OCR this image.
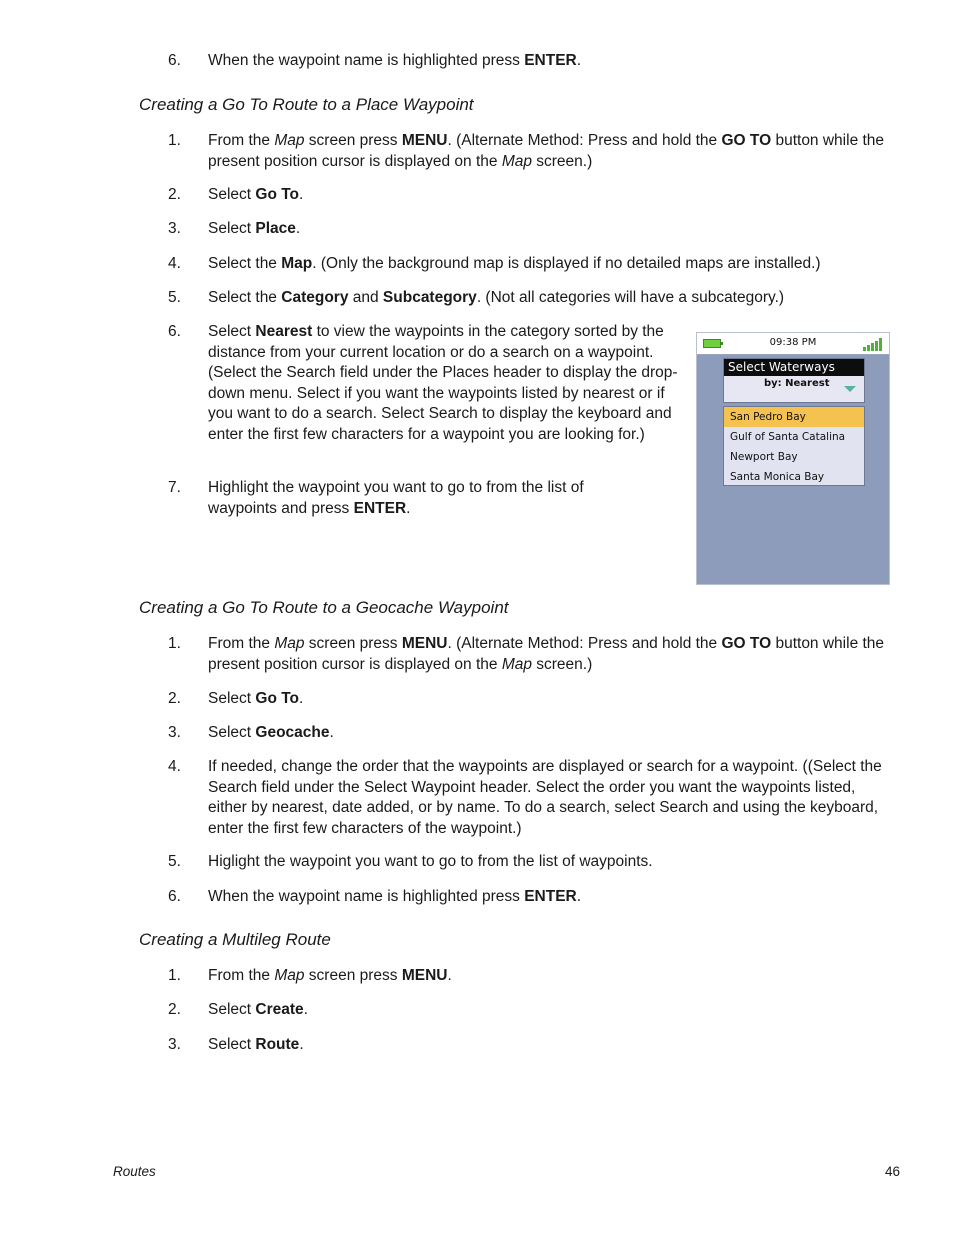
6. When the waypoint name is highlighted press ENTER.
Creating a Go To Route to a Place Waypoint
1. From the Map screen press MENU. (Alternate Method: Press and hold the GO TO button while the present position cursor is displayed on the Map screen.)
2. Select Go To.
3. Select Place.
4. Select the Map. (Only the background map is displayed if no detailed maps are installed.)
5. Select the Category and Subcategory. (Not all categories will have a subcategory.)
6. Select Nearest to view the waypoints in the category sorted by the distance from your current location or do a search on a waypoint. (Select the Search field under the Places header to display the drop-down menu. Select if you want the waypoints listed by nearest or if you want to do a search. Select Search to display the keyboard and enter the first few characters for a waypoint you are looking for.)
7. Highlight the waypoint you want to go to from the list of waypoints and press ENTER.
09:38 PM
Select Waterways
by: Nearest
San Pedro Bay
Gulf of Santa Catalina
Newport Bay
Santa Monica Bay
Creating a Go To Route to a Geocache Waypoint
1. From the Map screen press MENU. (Alternate Method: Press and hold the GO TO button while the present position cursor is displayed on the Map screen.)
2. Select Go To.
3. Select Geocache.
4. If needed, change the order that the waypoints are displayed or search for a waypoint. ((Select the Search field under the Select Waypoint header. Select the order you want the waypoints listed, either by nearest, date added, or by name. To do a search, select Search and using the keyboard, enter the first few characters of the waypoint.)
5. Higlight the waypoint you want to go to from the list of waypoints.
6. When the waypoint name is highlighted press ENTER.
Creating a Multileg Route
1. From the Map screen press MENU.
2. Select Create.
3. Select Route.
Routes	46
